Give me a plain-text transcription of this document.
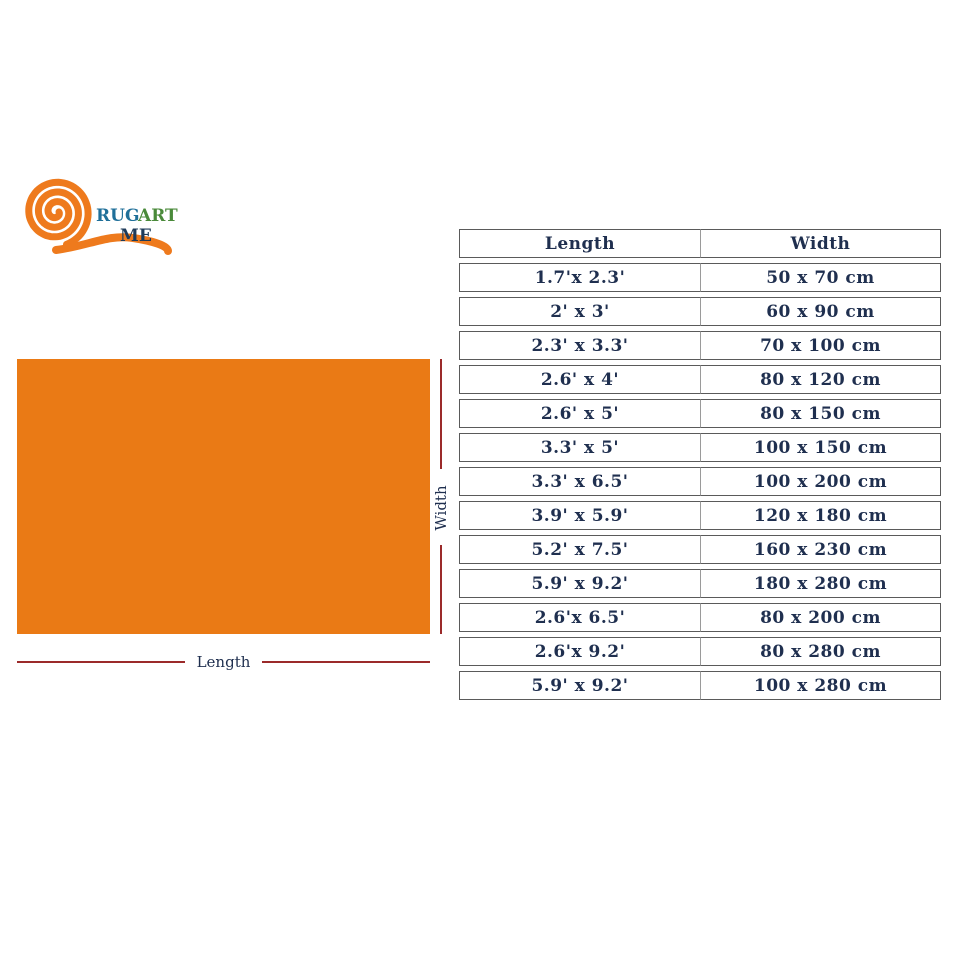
RUG
ART
ME
Length
Width
Length	Width
1.7'x 2.3'	50 x 70 cm
2' x 3'	60 x 90 cm
2.3' x 3.3'	70 x 100 cm
2.6' x 4'	80 x 120 cm
2.6' x 5'	80 x 150 cm
3.3' x 5'	100 x 150 cm
3.3' x 6.5'	100 x 200 cm
3.9' x 5.9'	120 x 180 cm
5.2' x 7.5'	160 x 230 cm
5.9' x 9.2'	180 x 280 cm
2.6'x 6.5'	80 x 200 cm
2.6'x 9.2'	80 x 280 cm
5.9' x 9.2'	100 x 280 cm
